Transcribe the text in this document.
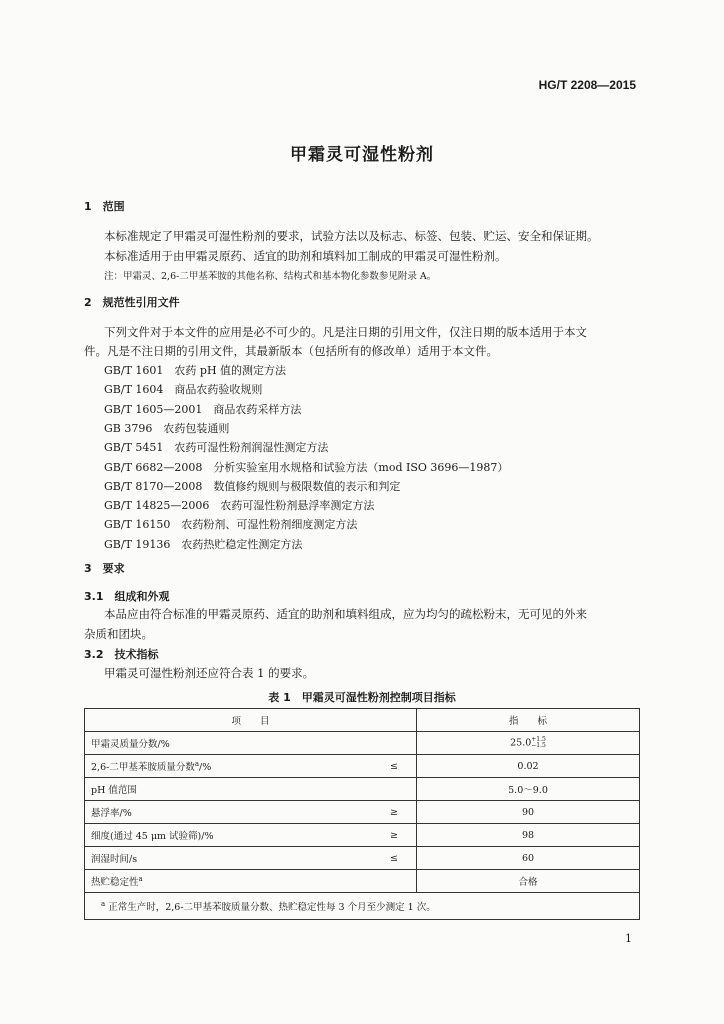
HG/T 2208—2015
甲霜灵可湿性粉剂
1　范围
本标准规定了甲霜灵可湿性粉剂的要求，试验方法以及标志、标签、包装、贮运、安全和保证期。
本标准适用于由甲霜灵原药、适宜的助剂和填料加工制成的甲霜灵可湿性粉剂。
注：甲霜灵、2,6-二甲基苯胺的其他名称、结构式和基本物化参数参见附录 A。
2　规范性引用文件
下列文件对于本文件的应用是必不可少的。凡是注日期的引用文件，仅注日期的版本适用于本文
件。凡是不注日期的引用文件，其最新版本（包括所有的修改单）适用于本文件。
GB/T 1601  农药 pH 值的测定方法
GB/T 1604  商品农药验收规则
GB/T 1605—2001  商品农药采样方法
GB 3796  农药包装通则
GB/T 5451  农药可湿性粉剂润湿性测定方法
GB/T 6682—2008  分析实验室用水规格和试验方法（mod ISO 3696—1987）
GB/T 8170—2008  数值修约规则与极限数值的表示和判定
GB/T 14825—2006  农药可湿性粉剂悬浮率测定方法
GB/T 16150  农药粉剂、可湿性粉剂细度测定方法
GB/T 19136  农药热贮稳定性测定方法
3　要求
3.1　组成和外观
本品应由符合标准的甲霜灵原药、适宜的助剂和填料组成，应为均匀的疏松粉末，无可见的外来
杂质和团块。
3.2　技术指标
甲霜灵可湿性粉剂还应符合表 1 的要求。
表 1　甲霜灵可湿性粉剂控制项目指标
项　　目		指　　标
甲霜灵质量分数/%		25.0+1.5
−1.5
2,6-二甲基苯胺质量分数$^a$/%	≤	0.02
pH 值范围		5.0～9.0
悬浮率/%	≥	90
细度(通过 45 μm 试验筛)/%	≥	98
润湿时间/s	≤	60
热贮稳定性$^a$		合格
$^a$ 正常生产时，2,6-二甲基苯胺质量分数、热贮稳定性每 3 个月至少测定 1 次。		
1
